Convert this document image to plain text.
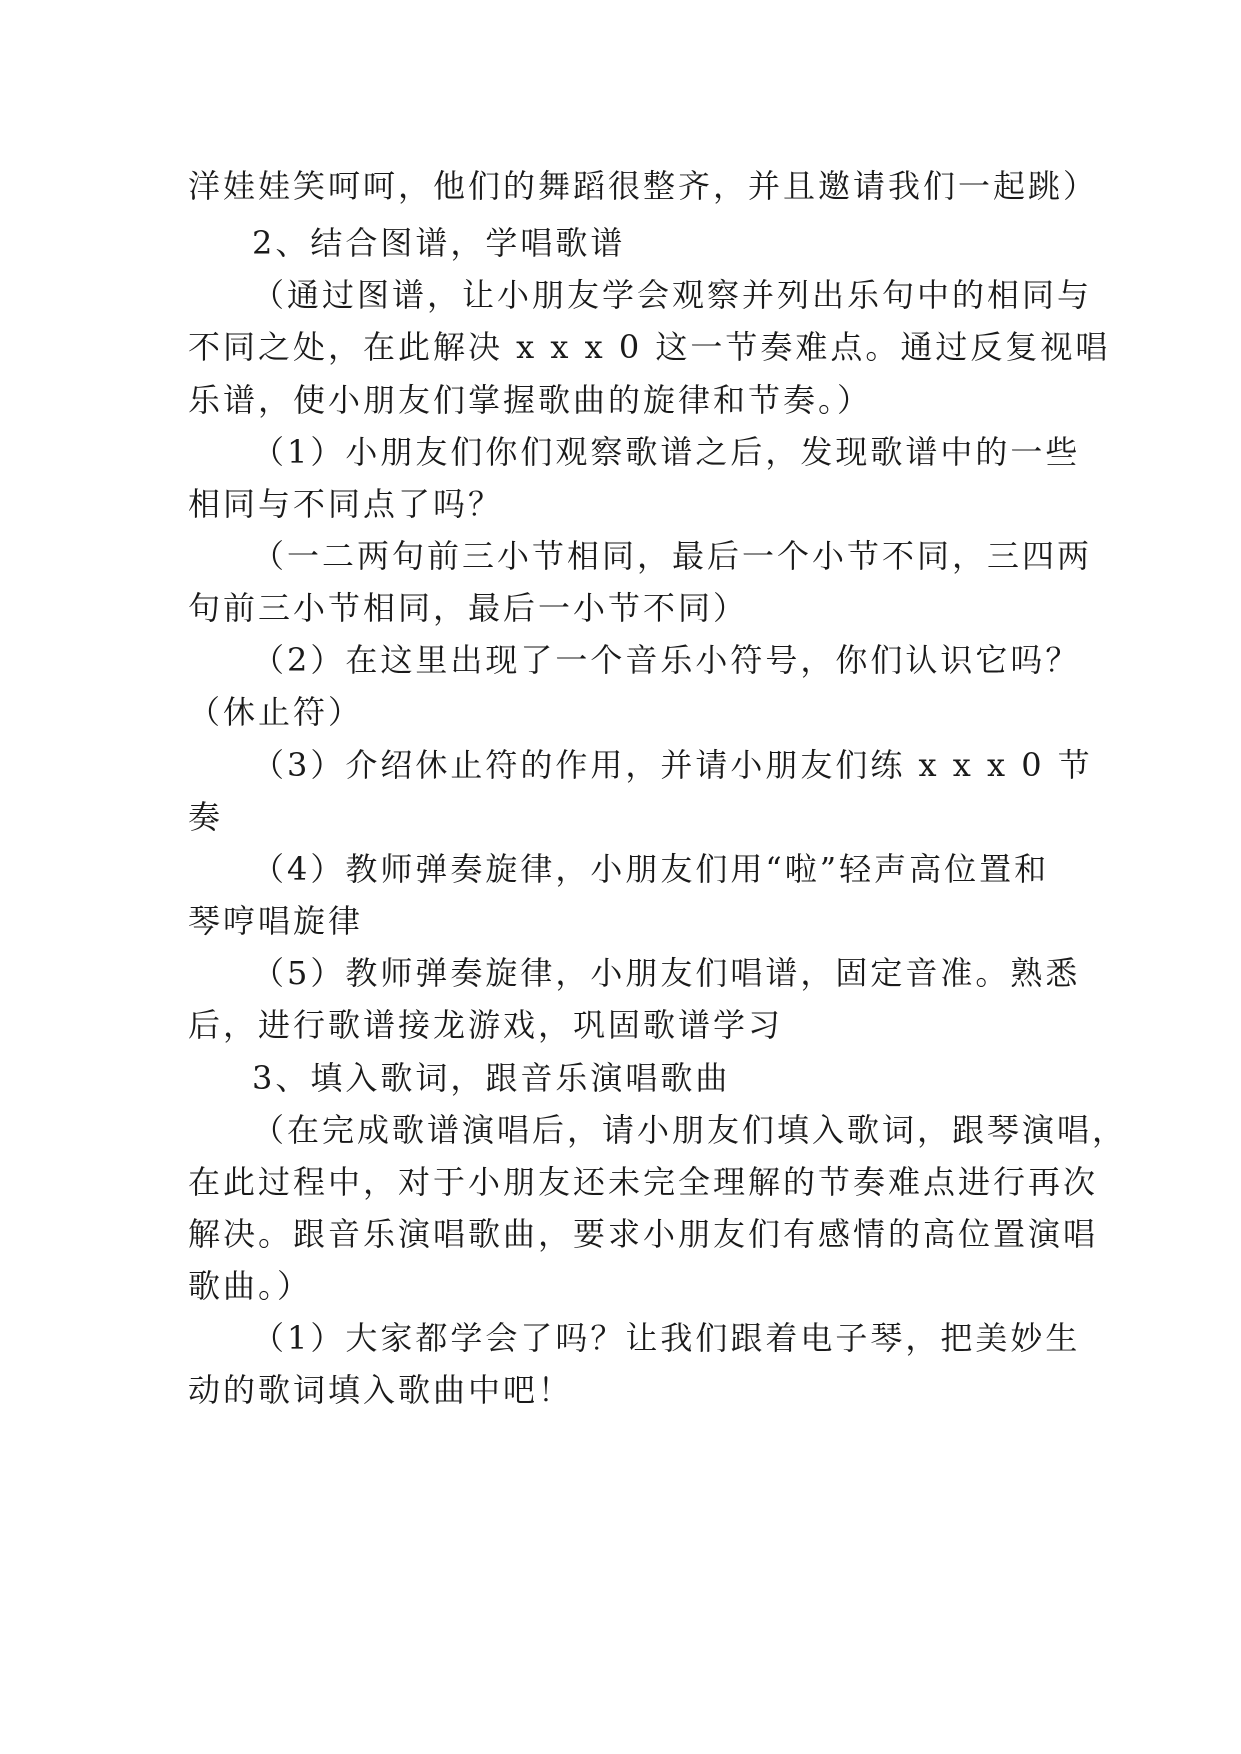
洋娃娃笑呵呵，他们的舞蹈很整齐，并且邀请我们一起跳）
2、结合图谱，学唱歌谱
（通过图谱，让小朋友学会观察并列出乐句中的相同与
不同之处，在此解决 x x x 0 这一节奏难点。通过反复视唱
乐谱，使小朋友们掌握歌曲的旋律和节奏。）
（1）小朋友们你们观察歌谱之后，发现歌谱中的一些
相同与不同点了吗？
（一二两句前三小节相同，最后一个小节不同，三四两
句前三小节相同，最后一小节不同）
（2）在这里出现了一个音乐小符号，你们认识它吗？
（休止符）
（3）介绍休止符的作用，并请小朋友们练 x x x 0 节
奏
（4）教师弹奏旋律，小朋友们用“啦”轻声高位置和
琴哼唱旋律
（5）教师弹奏旋律，小朋友们唱谱，固定音准。熟悉
后，进行歌谱接龙游戏，巩固歌谱学习
3、填入歌词，跟音乐演唱歌曲
（在完成歌谱演唱后，请小朋友们填入歌词，跟琴演唱，
在此过程中，对于小朋友还未完全理解的节奏难点进行再次
解决。跟音乐演唱歌曲，要求小朋友们有感情的高位置演唱
歌曲。）
（1）大家都学会了吗？让我们跟着电子琴，把美妙生
动的歌词填入歌曲中吧！
